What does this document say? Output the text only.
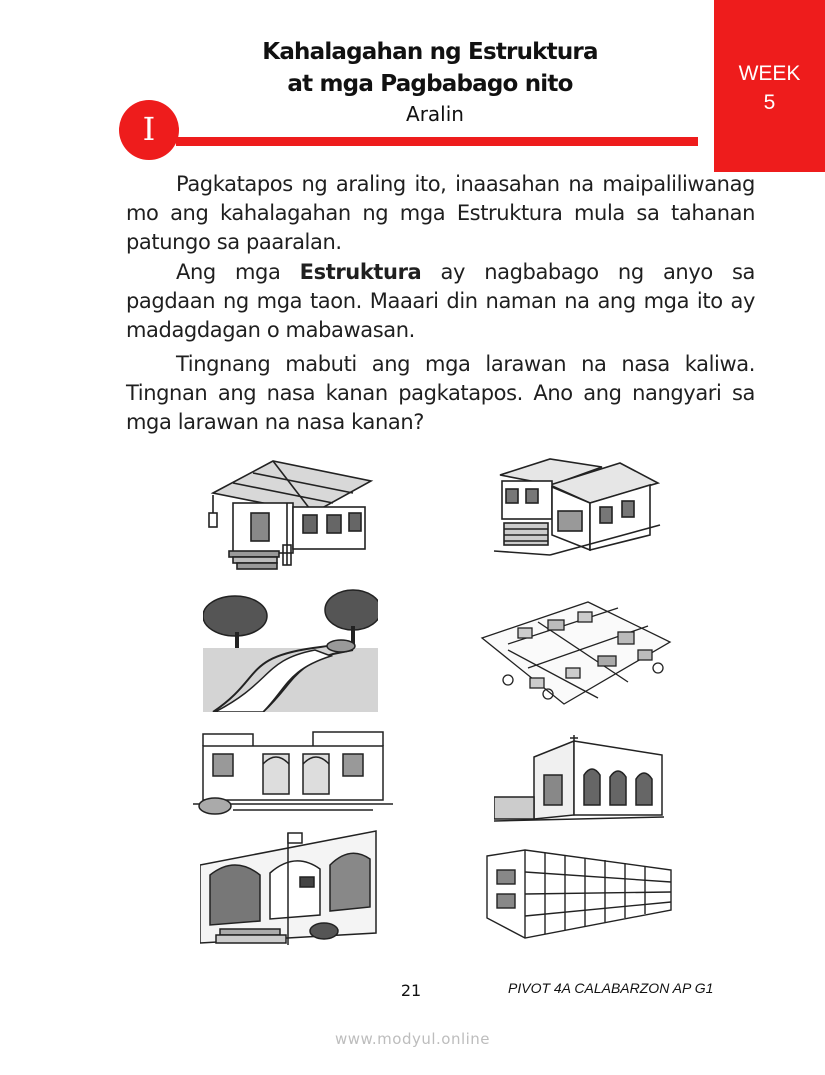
WEEK
5
Kahalagahan ng Estruktura
at mga Pagbabago nito
Aralin
I

Pagkatapos ng araling ito, inaasahan na maipaliliwanag mo ang kahalagahan ng mga Estruktura mula sa tahanan patungo sa paaralan.

Ang mga Estruktura ay nagbabago ng anyo sa pagdaan ng mga taon. Maaari din naman na ang mga ito ay madagdagan o mabawasan.

Tingnang mabuti ang mga larawan na nasa kaliwa. Tingnan ang nasa kanan pagkatapos. Ano ang nangyari sa mga larawan na nasa kanan?

21	PIVOT 4A CALABARZON AP G1
www.modyul.online
